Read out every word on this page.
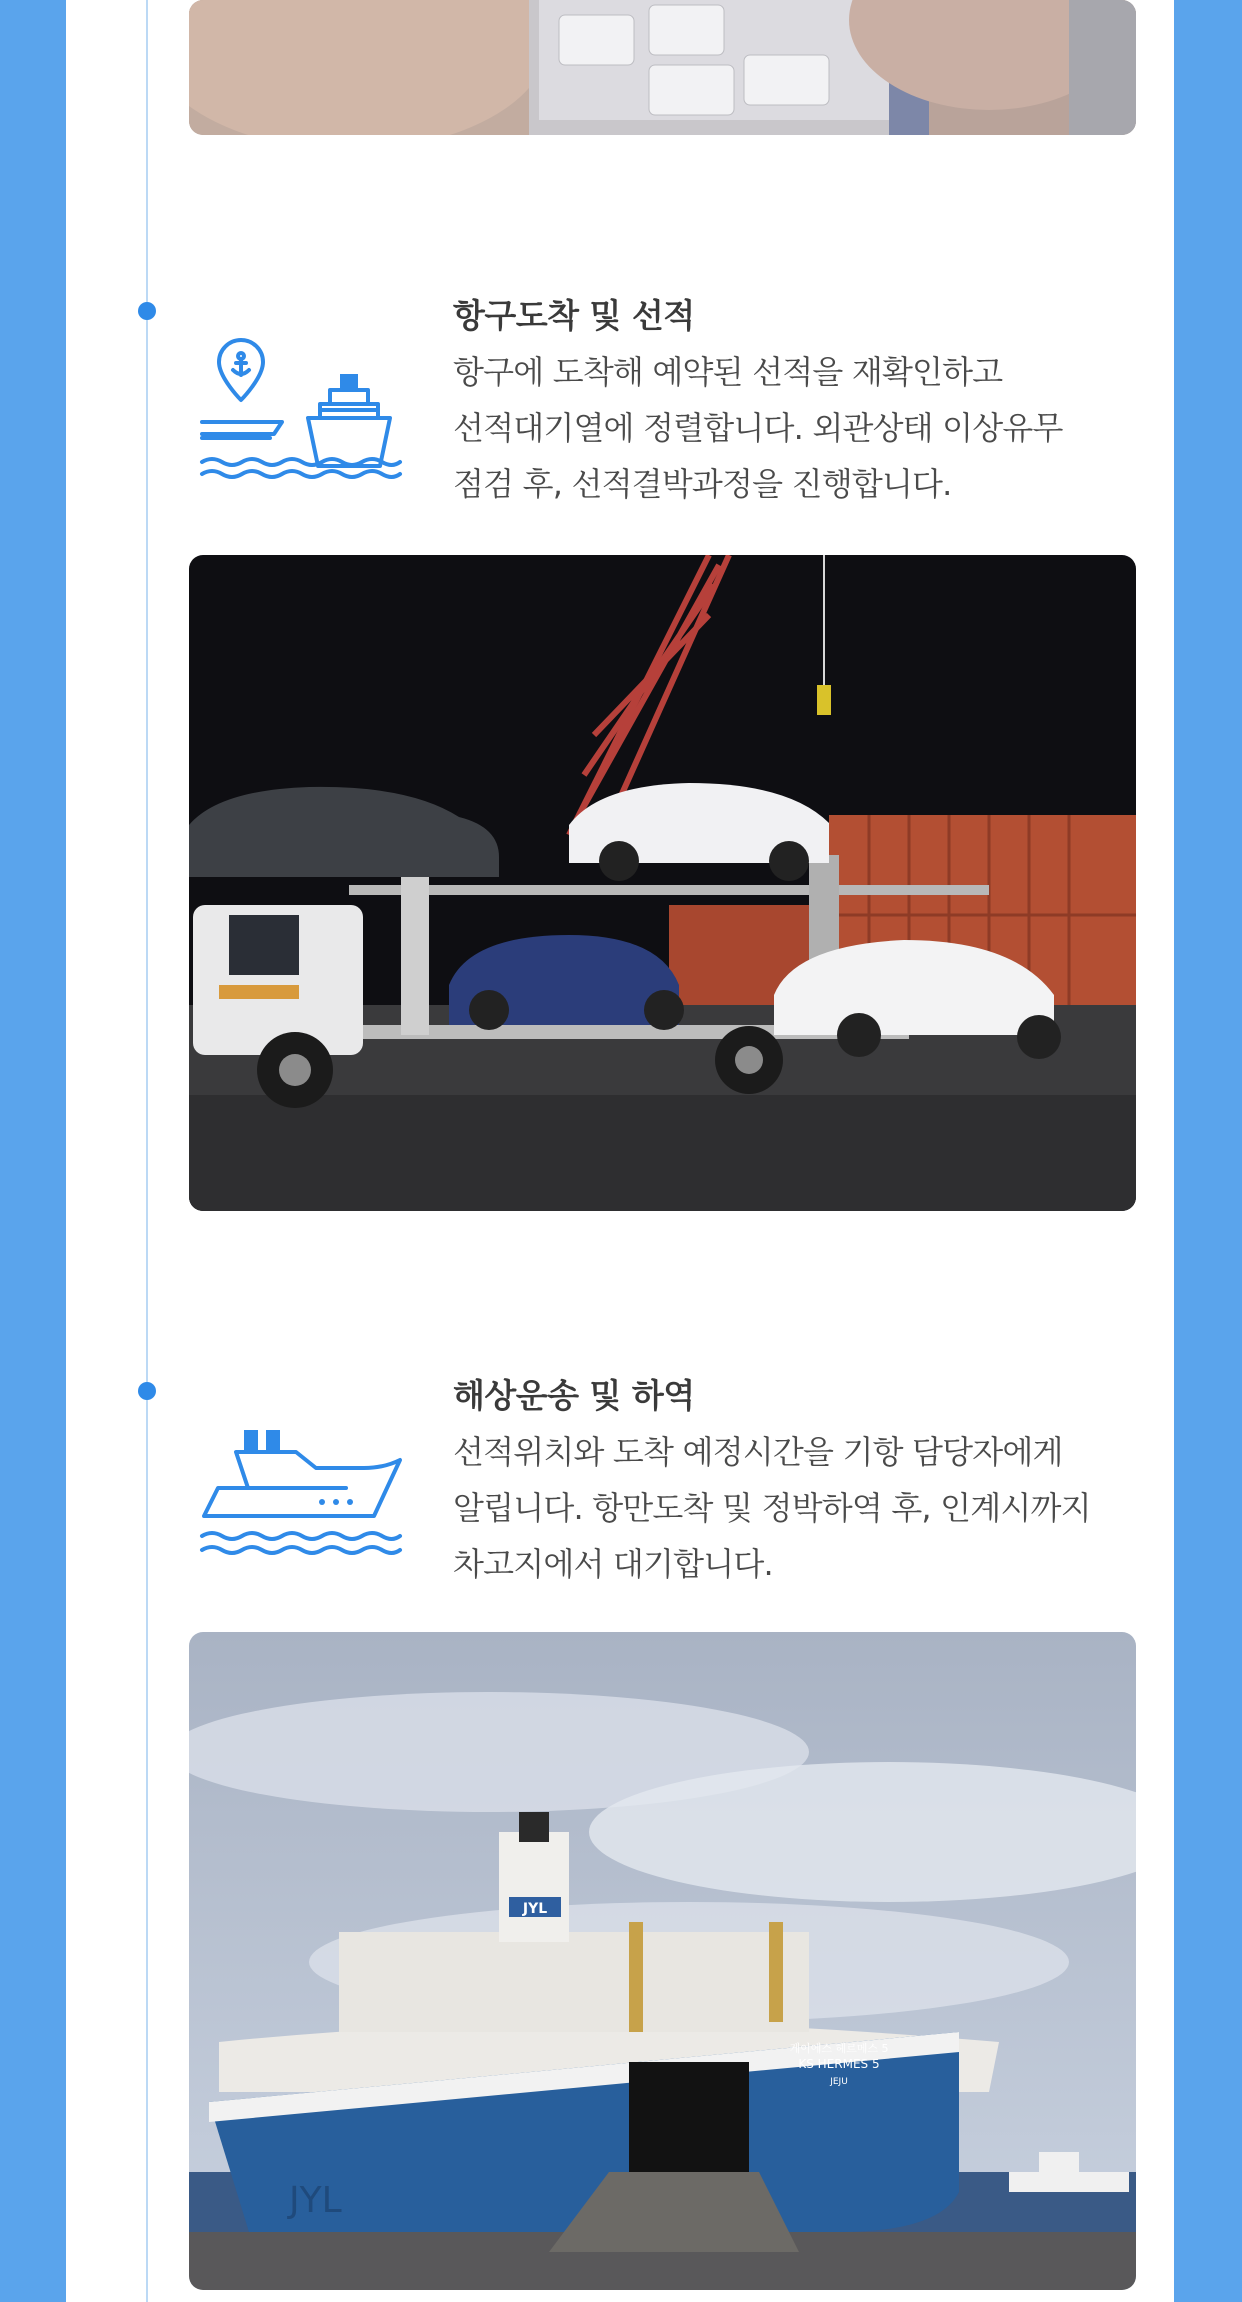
항구도착 및 선적
항구에 도착해 예약된 선적을 재확인하고
선적대기열에 정렬합니다. 외관상태 이상유무
점검 후, 선적결박과정을 진행합니다.
해상운송 및 하역
선적위치와 도착 예정시간을 기항 담당자에게
알립니다. 항만도착 및 정박하역 후, 인계시까지
차고지에서 대기합니다.
JYL
JYL
케이에스 헤르메스 5
KS HERMES 5
JEJU
